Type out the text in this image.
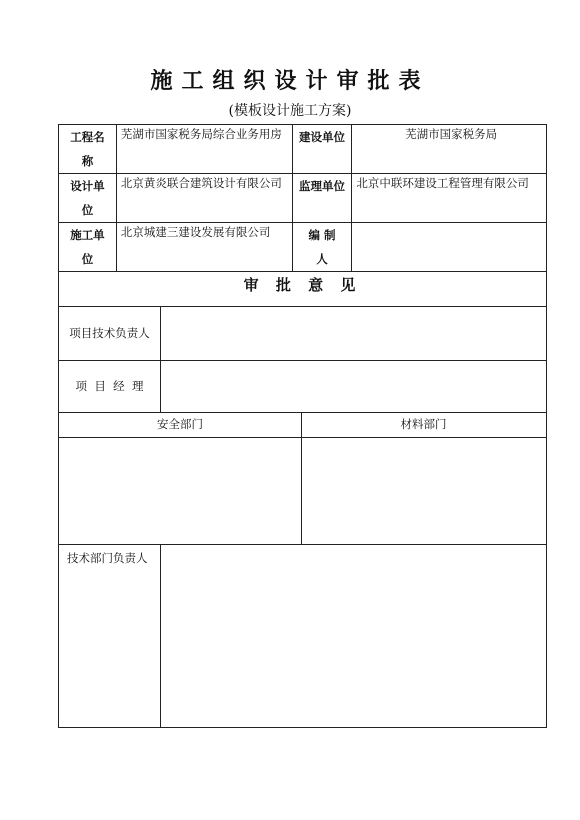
施工组织设计审批表
(模板设计施工方案)
工程名
称	芜湖市国家税务局综合业务用房	建设单位	芜湖市国家税务局

设计单
位	北京黄炎联合建筑设计有限公司	监理单位	北京中联环建设工程管理有限公司

施工单
位	北京城建三建设发展有限公司	编 制
人	

审 批 意 见
项目技术负责人
项  目  经  理
安全部门	材料部门
技术部门负责人
